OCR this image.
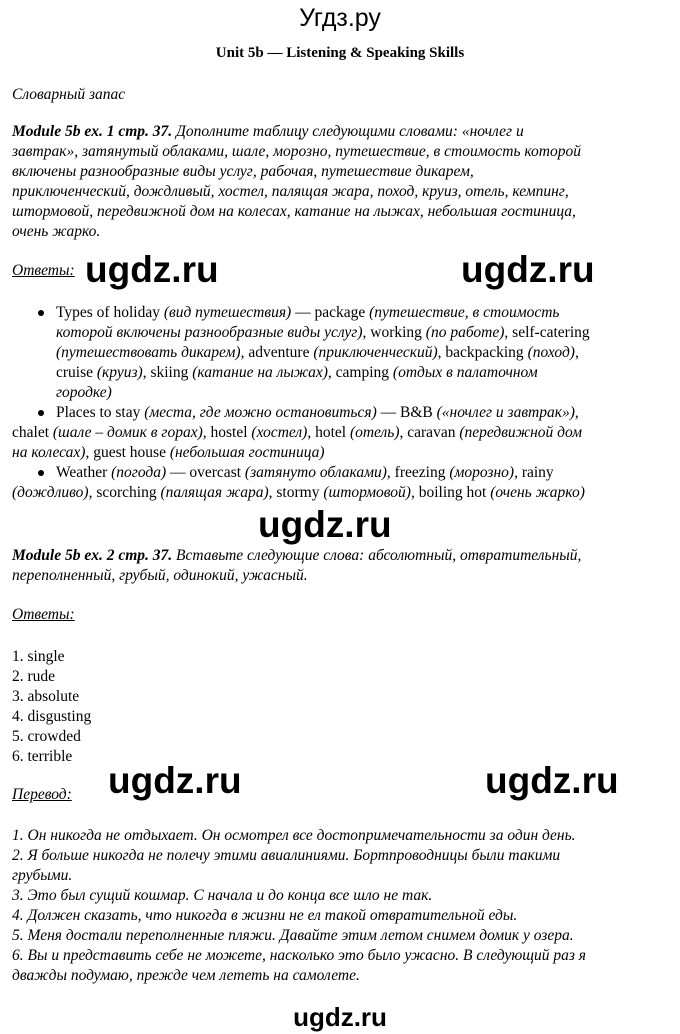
Угдз.ру
Unit 5b — Listening & Speaking Skills
Словарный запас
Module 5b ex. 1 стр. 37. Дополните таблицу следующими словами: «ночлег и
завтрак», затянутый облаками, шале, морозно, путешествие, в стоимость которой
включены разнообразные виды услуг, рабочая, путешествие дикарем,
приключенческий, дождливый, хостел, палящая жара, поход, круиз, отель, кемпинг,
штормовой, передвижной дом на колесах, катание на лыжах, небольшая гостиница,
очень жарко.
Ответы: ugdz.ru	ugdz.ru
Types of holiday (вид путешествия) — package (путешествие, в стоимость
которой включены разнообразные виды услуг), working (по работе), self-catering
(путешествовать дикарем), adventure (приключенческий), backpacking (поход),
cruise (круиз), skiing (катание на лыжах), camping (отдых в палаточном
городке)
Places to stay (места, где можно остановиться) — B&B («ночлег и завтрак»),
chalet (шале – домик в горах), hostel (хостел), hotel (отель), caravan (передвижной дом
на колесах), guest house (небольшая гостиница)
Weather (погода) — overcast (затянуто облаками), freezing (морозно), rainy
(дождливо), scorching (палящая жара), stormy (штормовой), boiling hot (очень жарко)
ugdz.ru
Module 5b ex. 2 стр. 37. Вставьте следующие слова: абсолютный, отвратительный,
переполненный, грубый, одинокий, ужасный.
Ответы:
1. single
2. rude
3. absolute
4. disgusting
5. crowded
6. terrible
ugdz.ru	ugdz.ru
Перевод:
1. Он никогда не отдыхает. Он осмотрел все достопримечательности за один день.
2. Я больше никогда не полечу этими авиалиниями. Бортпроводницы были такими
грубыми.
3. Это был сущий кошмар. С начала и до конца все шло не так.
4. Должен сказать, что никогда в жизни не ел такой отвратительной еды.
5. Меня достали переполненные пляжи. Давайте этим летом снимем домик у озера.
6. Вы и представить себе не можете, насколько это было ужасно. В следующий раз я
дважды подумаю, прежде чем лететь на самолете.
ugdz.ru
